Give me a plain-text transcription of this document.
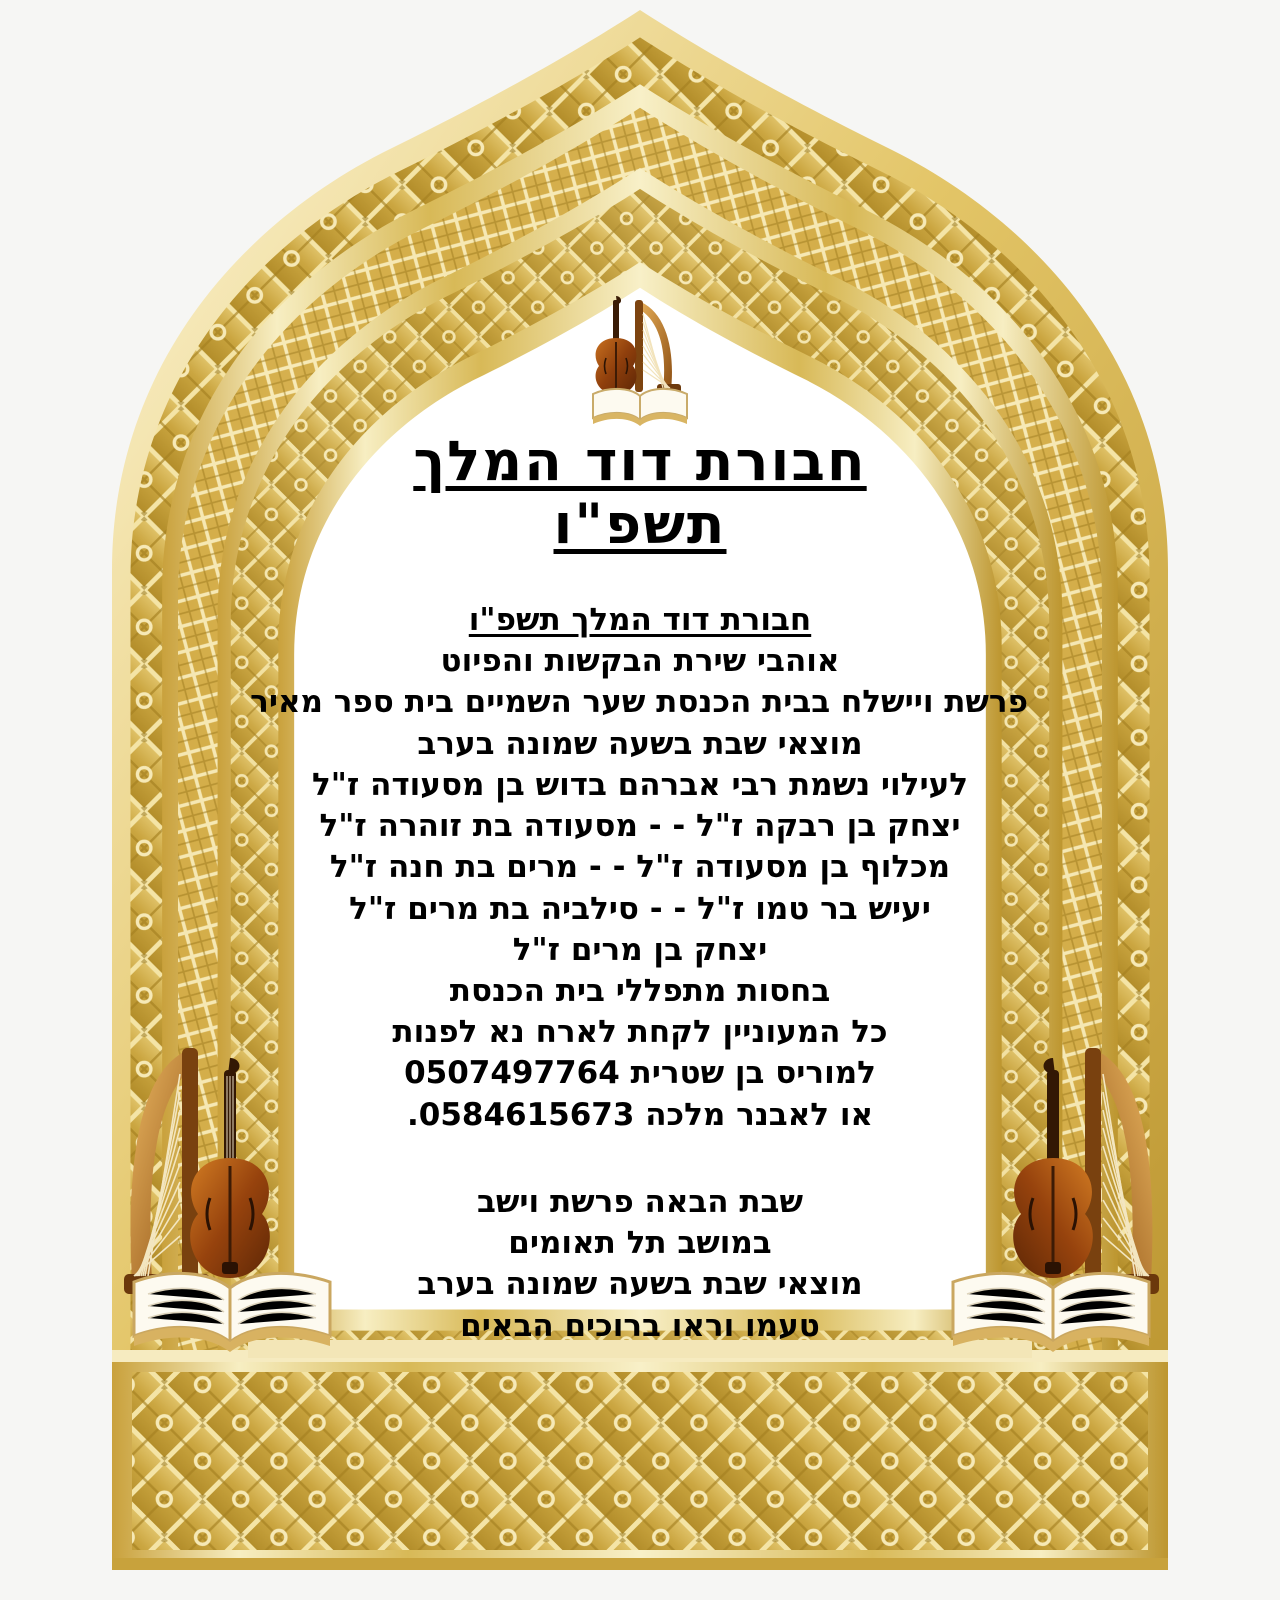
חבורת דוד המלך
תשפ"ו
חבורת דוד המלך תשפ"ו
אוהבי שירת הבקשות והפיוט
פרשת ויישלח בבית הכנסת שער השמיים בית ספר מאיר
מוצאי שבת בשעה שמונה בערב
לעילוי נשמת רבי אברהם בדוש בן מסעודה ז"ל
יצחק בן רבקה ז"ל - - מסעודה בת זוהרה ז"ל
מכלוף בן מסעודה ז"ל - - מרים בת חנה ז"ל
יעיש בר טמו ז"ל - - סילביה בת מרים ז"ל
יצחק בן מרים ז"ל
בחסות מתפללי בית הכנסת
כל המעוניין לקחת לארח נא לפנות
למוריס בן שטרית 0507497764
או לאבנר מלכה 0584615673.
שבת הבאה פרשת וישב
במושב תל תאומים
מוצאי שבת בשעה שמונה בערב
טעמו וראו ברוכים הבאים
